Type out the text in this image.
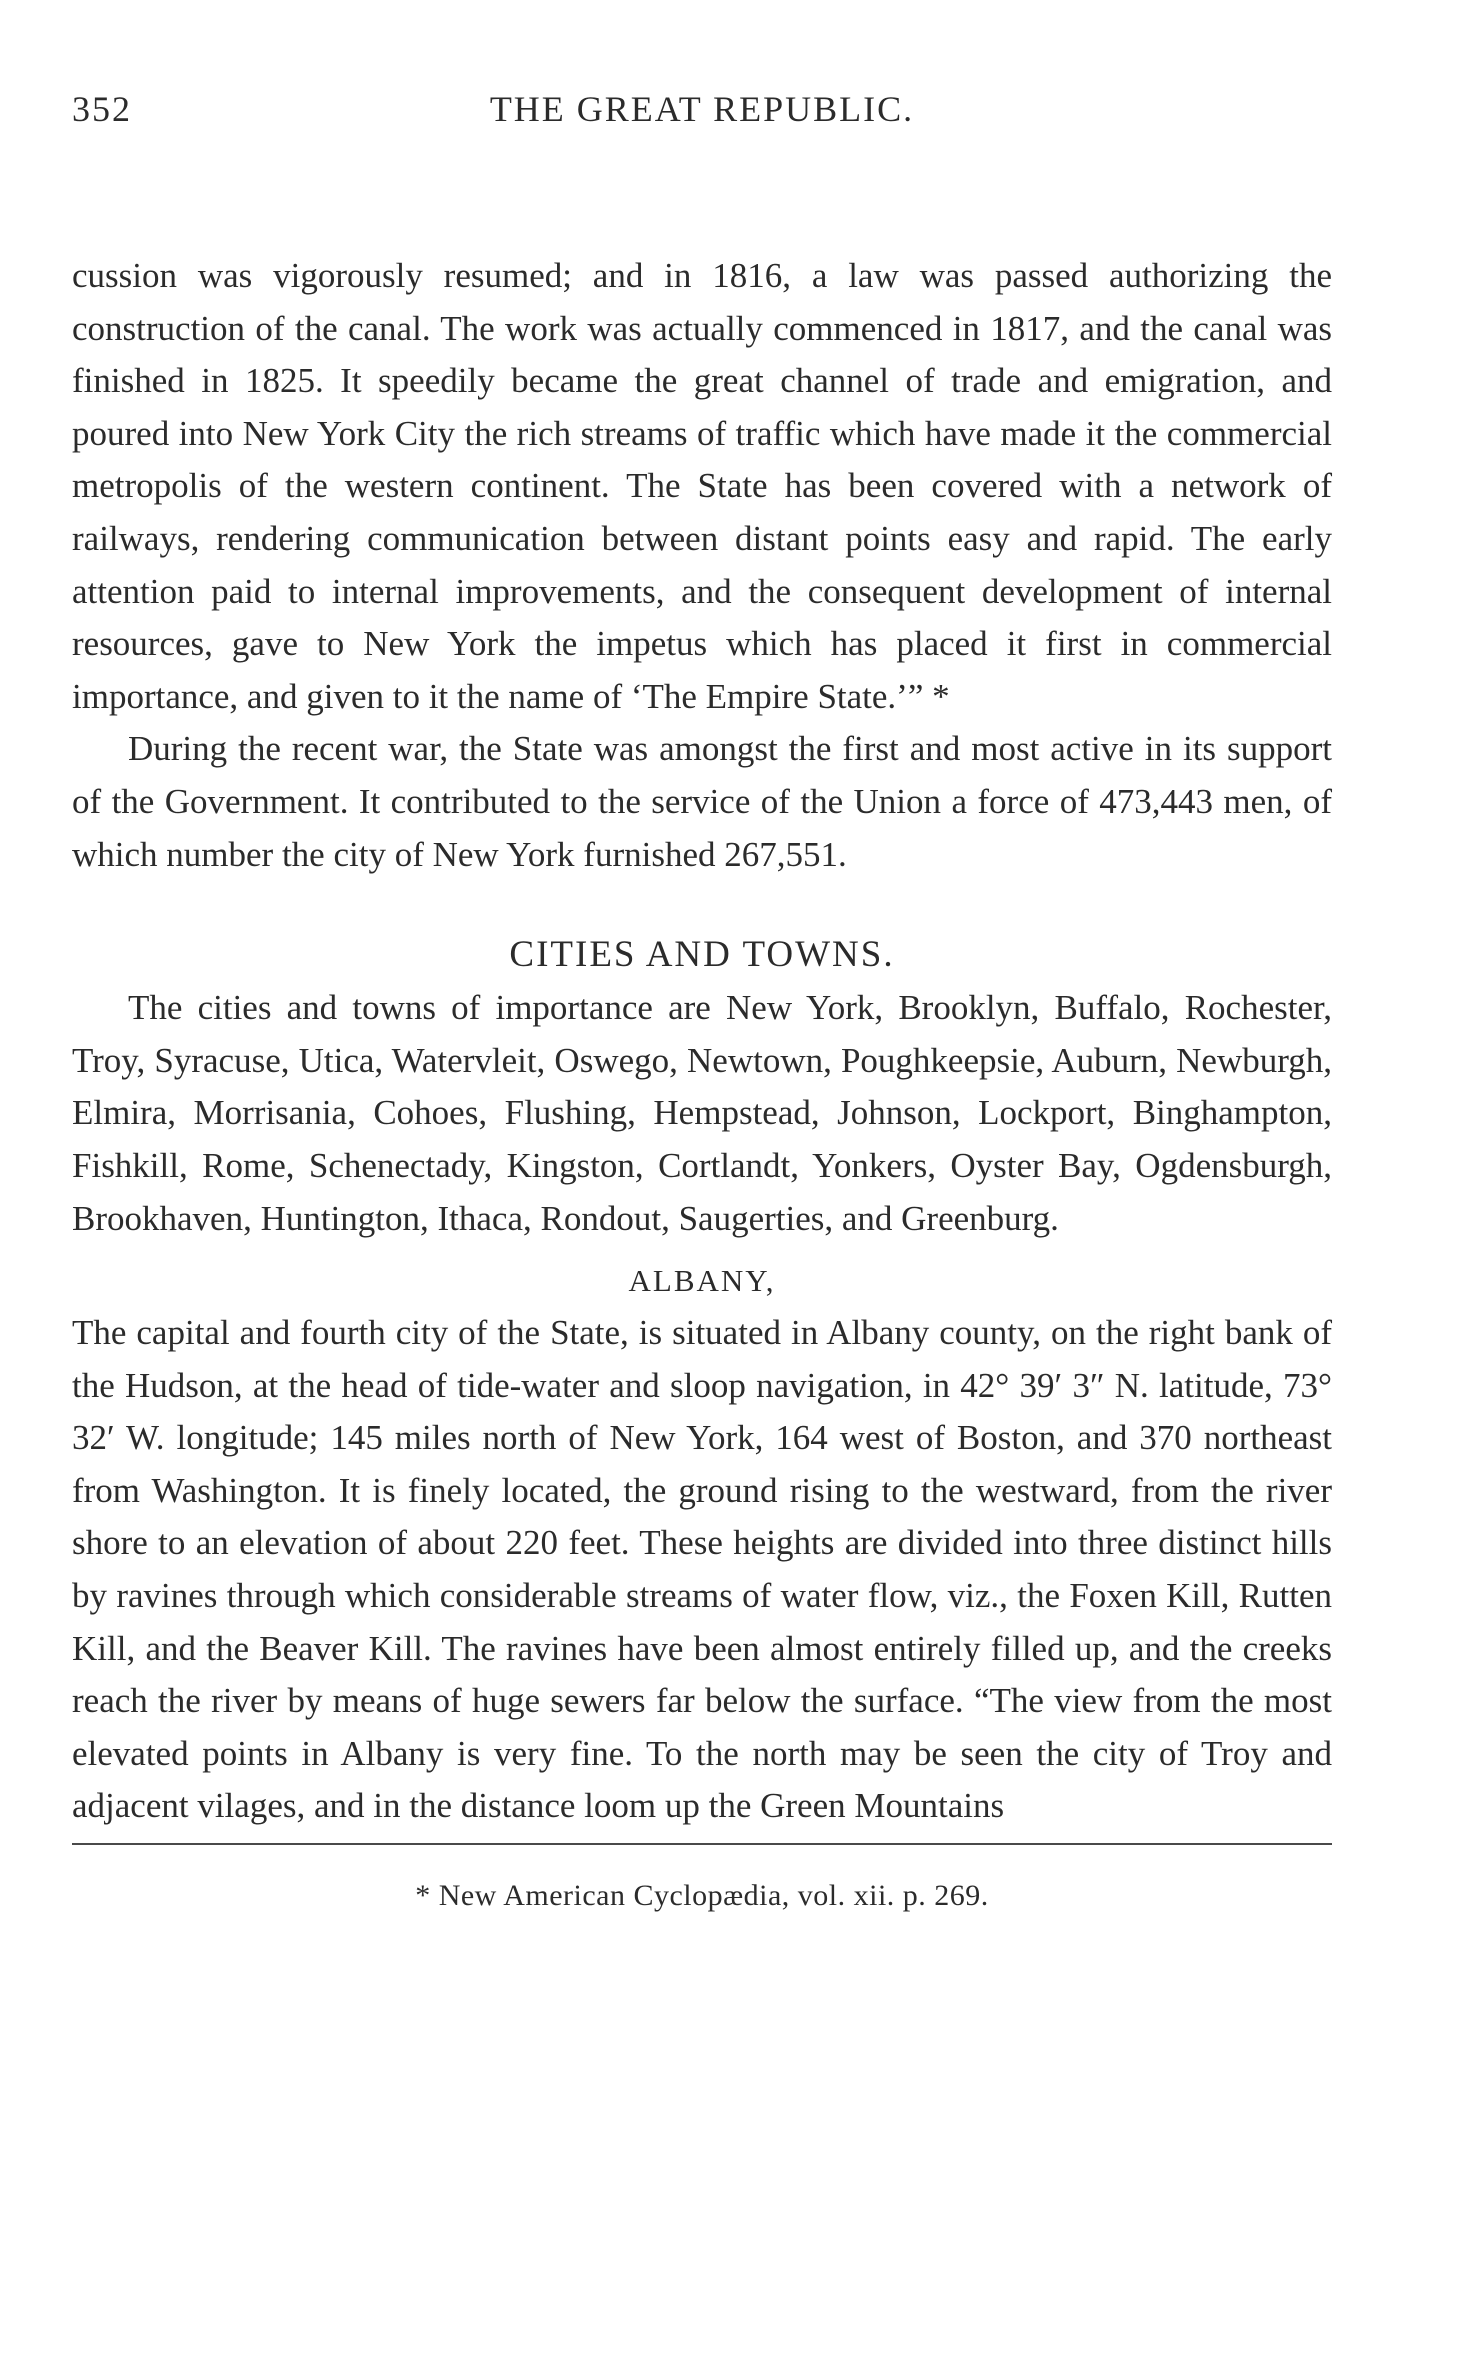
352	THE GREAT REPUBLIC.

cussion was vigorously resumed; and in 1816, a law was passed authorizing the construction of the canal. The work was actually commenced in 1817, and the canal was finished in 1825. It speedily became the great channel of trade and emigration, and poured into New York City the rich streams of traffic which have made it the commercial metropolis of the western continent. The State has been covered with a network of railways, rendering communication between distant points easy and rapid. The early attention paid to internal improvements, and the consequent development of internal resources, gave to New York the impetus which has placed it first in commercial importance, and given to it the name of ‘The Empire State.’” *

During the recent war, the State was amongst the first and most active in its support of the Government. It contributed to the service of the Union a force of 473,443 men, of which number the city of New York furnished 267,551.

CITIES AND TOWNS.

The cities and towns of importance are New York, Brooklyn, Buffalo, Rochester, Troy, Syracuse, Utica, Watervleit, Oswego, Newtown, Poughkeepsie, Auburn, Newburgh, Elmira, Morrisania, Cohoes, Flushing, Hempstead, Johnson, Lockport, Binghampton, Fishkill, Rome, Schenectady, Kingston, Cortlandt, Yonkers, Oyster Bay, Ogdensburgh, Brookhaven, Huntington, Ithaca, Rondout, Saugerties, and Greenburg.

ALBANY,

The capital and fourth city of the State, is situated in Albany county, on the right bank of the Hudson, at the head of tide-water and sloop navigation, in 42° 39′ 3″ N. latitude, 73° 32′ W. longitude; 145 miles north of New York, 164 west of Boston, and 370 northeast from Washington. It is finely located, the ground rising to the westward, from the river shore to an elevation of about 220 feet. These heights are divided into three distinct hills by ravines through which considerable streams of water flow, viz., the Foxen Kill, Rutten Kill, and the Beaver Kill. The ravines have been almost entirely filled up, and the creeks reach the river by means of huge sewers far below the surface. “The view from the most elevated points in Albany is very fine. To the north may be seen the city of Troy and adjacent vilages, and in the distance loom up the Green Mountains

* New American Cyclopædia, vol. xii. p. 269.
